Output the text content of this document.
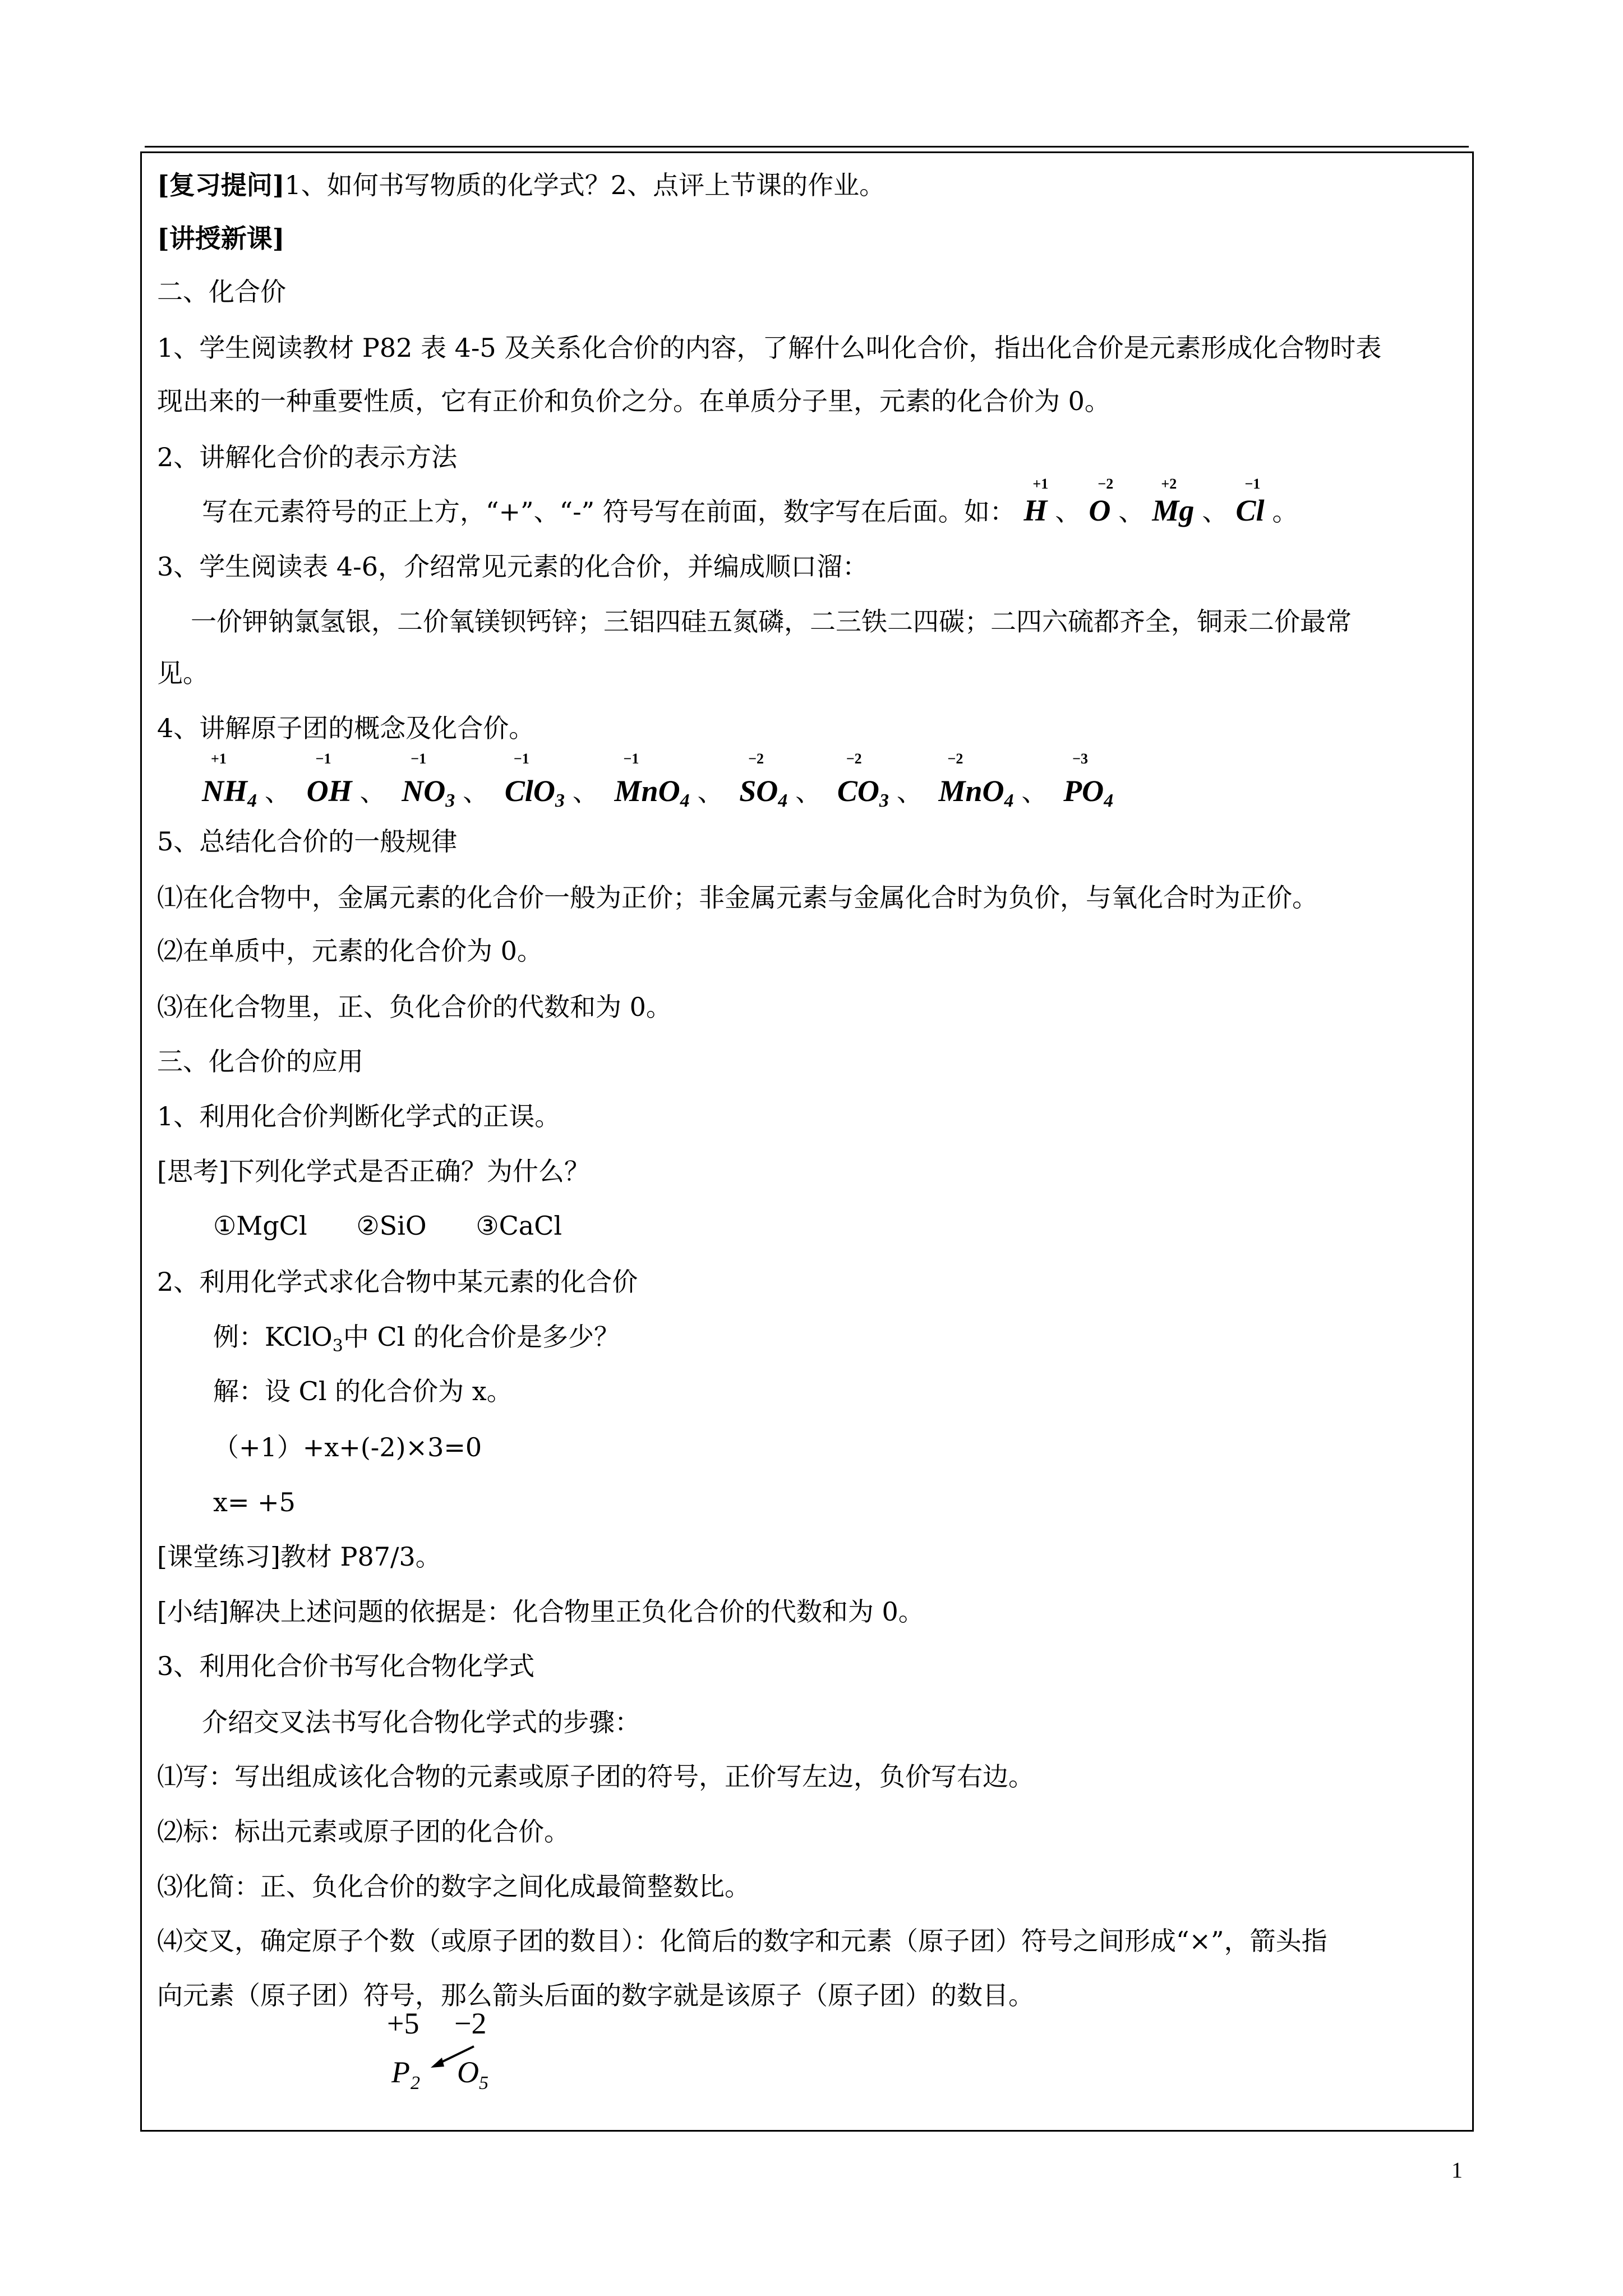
[复习提问]1、如何书写物质的化学式？2、点评上节课的作业。
[讲授新课]
二、化合价
1、学生阅读教材 P82 表 4-5 及关系化合价的内容，了解什么叫化合价，指出化合价是元素形成化合物时表
现出来的一种重要性质，它有正价和负价之分。在单质分子里，元素的化合价为 0。
2、讲解化合价的表示方法
写在元素符号的正上方，“+”、“-” 符号写在前面，数字写在后面。如：
+1
H 、
−2
O 、
+2
Mg 、
−1
Cl 。
3、学生阅读表 4-6，介绍常见元素的化合价，并编成顺口溜：
一价钾钠氯氢银，二价氧镁钡钙锌；三铝四硅五氮磷，二三铁二四碳；二四六硫都齐全，铜汞二价最常
见。
4、讲解原子团的概念及化合价。
+1
$NH_4$ 、
−1
OH 、
−1
$NO_3$ 、
−1
ClO$_3$ 、
−1
MnO$_4$ 、
−2
$SO_4$ 、
−2
$CO_3$ 、
−2
MnO$_4$ 、
−3
$PO_4$
5、总结化合价的一般规律
⑴在化合物中，金属元素的化合价一般为正价；非金属元素与金属化合时为负价，与氧化合时为正价。
⑵在单质中，元素的化合价为 0。
⑶在化合物里，正、负化合价的代数和为 0。
三、化合价的应用
1、利用化合价判断化学式的正误。
[思考]下列化学式是否正确？为什么？
①MgCl      ②SiO      ③CaCl
2、利用化学式求化合物中某元素的化合价
例：KClO$_3$中 Cl 的化合价是多少？
解：设 Cl 的化合价为 x。
（+1）+x+(-2)×3=0
x= +5
[课堂练习]教材 P87/3。
[小结]解决上述问题的依据是：化合物里正负化合价的代数和为 0。
3、利用化合价书写化合物化学式
介绍交叉法书写化合物化学式的步骤：
⑴写：写出组成该化合物的元素或原子团的符号，正价写左边，负价写右边。
⑵标：标出元素或原子团的化合价。
⑶化简：正、负化合价的数字之间化成最简整数比。
⑷交叉，确定原子个数（或原子团的数目）：化简后的数字和元素（原子团）符号之间形成“×”，箭头指
向元素（原子团）符号，那么箭头后面的数字就是该原子（原子团）的数目。
+5 −2
P 2 O 5
1
